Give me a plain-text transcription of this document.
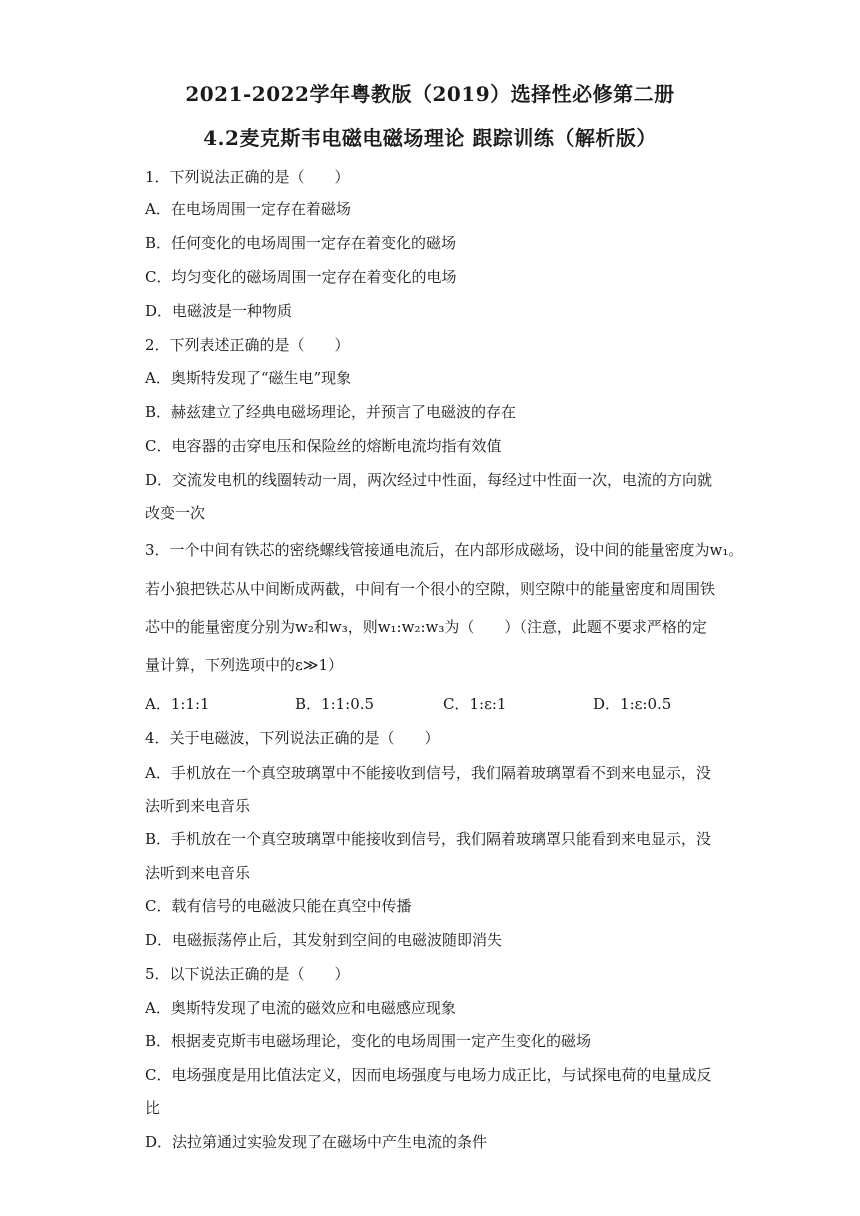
2021-2022学年粤教版（2019）选择性必修第二册
4.2麦克斯韦电磁电磁场理论 跟踪训练（解析版）
1．下列说法正确的是（　　）
A．在电场周围一定存在着磁场
B．任何变化的电场周围一定存在着变化的磁场
C．均匀变化的磁场周围一定存在着变化的电场
D．电磁波是一种物质
2．下列表述正确的是（　　）
A．奥斯特发现了“磁生电”现象
B．赫兹建立了经典电磁场理论，并预言了电磁波的存在
C．电容器的击穿电压和保险丝的熔断电流均指有效值
D．交流发电机的线圈转动一周，两次经过中性面，每经过中性面一次，电流的方向就
改变一次
3．一个中间有铁芯的密绕螺线管接通电流后，在内部形成磁场，设中间的能量密度为w₁。
若小狼把铁芯从中间断成两截，中间有一个很小的空隙，则空隙中的能量密度和周围铁
芯中的能量密度分别为w₂和w₃，则w₁:w₂:w₃为（　　）（注意，此题不要求严格的定
量计算，下列选项中的ε≫1）
A．1:1:1	B．1:1:0.5	C．1:ε:1	D．1:ε:0.5
4．关于电磁波，下列说法正确的是（　　）
A．手机放在一个真空玻璃罩中不能接收到信号，我们隔着玻璃罩看不到来电显示，没
法听到来电音乐
B．手机放在一个真空玻璃罩中能接收到信号，我们隔着玻璃罩只能看到来电显示，没
法听到来电音乐
C．载有信号的电磁波只能在真空中传播
D．电磁振荡停止后，其发射到空间的电磁波随即消失
5．以下说法正确的是（　　）
A．奥斯特发现了电流的磁效应和电磁感应现象
B．根据麦克斯韦电磁场理论，变化的电场周围一定产生变化的磁场
C．电场强度是用比值法定义，因而电场强度与电场力成正比，与试探电荷的电量成反
比
D．法拉第通过实验发现了在磁场中产生电流的条件
